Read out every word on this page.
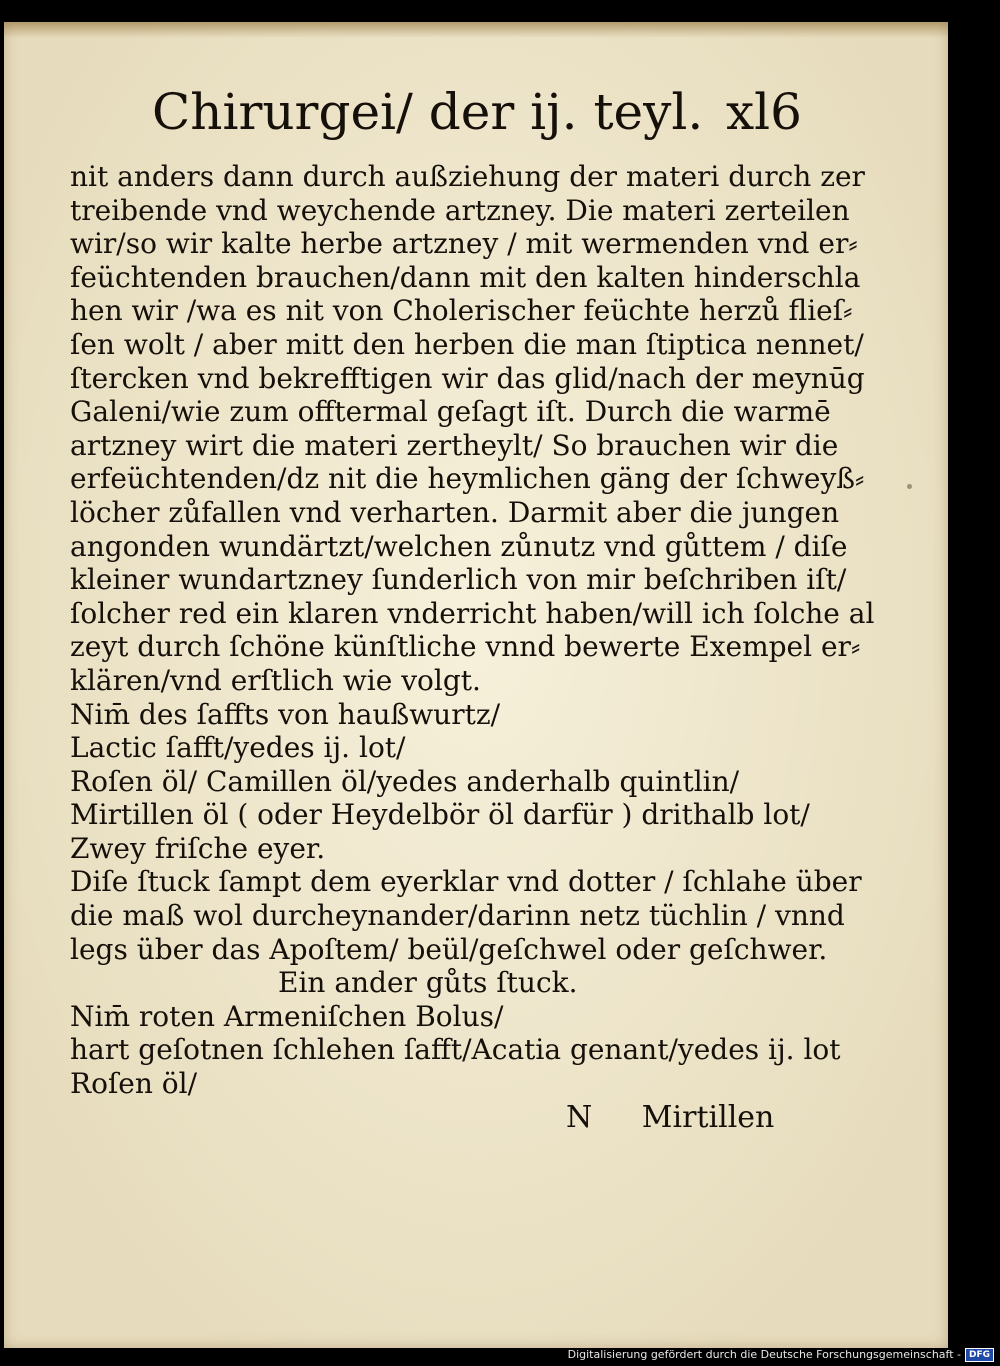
Chirurgei/ der ij. teyl. xl6
nit anders dann durch außziehung der materi durch zer
treibende vnd weychende artzney. Die materi zerteilen
wir/so wir kalte herbe artzney / mit wermenden vnd er⸗
feüchtenden brauchen/dann mit den kalten hinderschla
hen wir /wa es nit von Cholerischer feüchte herzů flieſ⸗
ſen wolt / aber mitt den herben die man ſtiptica nennet/
ſtercken vnd bekrefftigen wir das glid/nach der meynūg
Galeni/wie zum offtermal geſagt iſt. Durch die warmē
artzney wirt die materi zertheylt/ So brauchen wir die
erfeüchtenden/dz nit die heymlichen gäng der ſchweyß⸗
löcher zůfallen vnd verharten. Darmit aber die jungen
angonden wundärtzt/welchen zůnutz vnd gůttem / diſe
kleiner wundartzney ſunderlich von mir beſchriben iſt/
ſolcher red ein klaren vnderricht haben/will ich ſolche al
zeyt durch ſchöne künſtliche vnnd bewerte Exempel er⸗
klären/vnd erſtlich wie volgt.
Nim̄ des ſaffts von haußwurtz/
Lactic ſafft/yedes ij. lot/
Roſen öl/ Camillen öl/yedes anderhalb quintlin/
Mirtillen öl ( oder Heydelbör öl darfür ) drithalb lot/
Zwey friſche eyer.
Diſe ſtuck ſampt dem eyerklar vnd dotter / ſchlahe über
die maß wol durcheynander/darinn netz tüchlin / vnnd
legs über das Apoſtem/ beül/geſchwel oder geſchwer.
Ein ander gůts ſtuck.
Nim̄ roten Armeniſchen Bolus/
hart geſotnen ſchlehen ſafft/Acatia genant/yedes ij. lot
Roſen öl/
N Mirtillen
Digitalisierung gefördert durch die Deutsche Forschungsgemeinschaft - DFG
